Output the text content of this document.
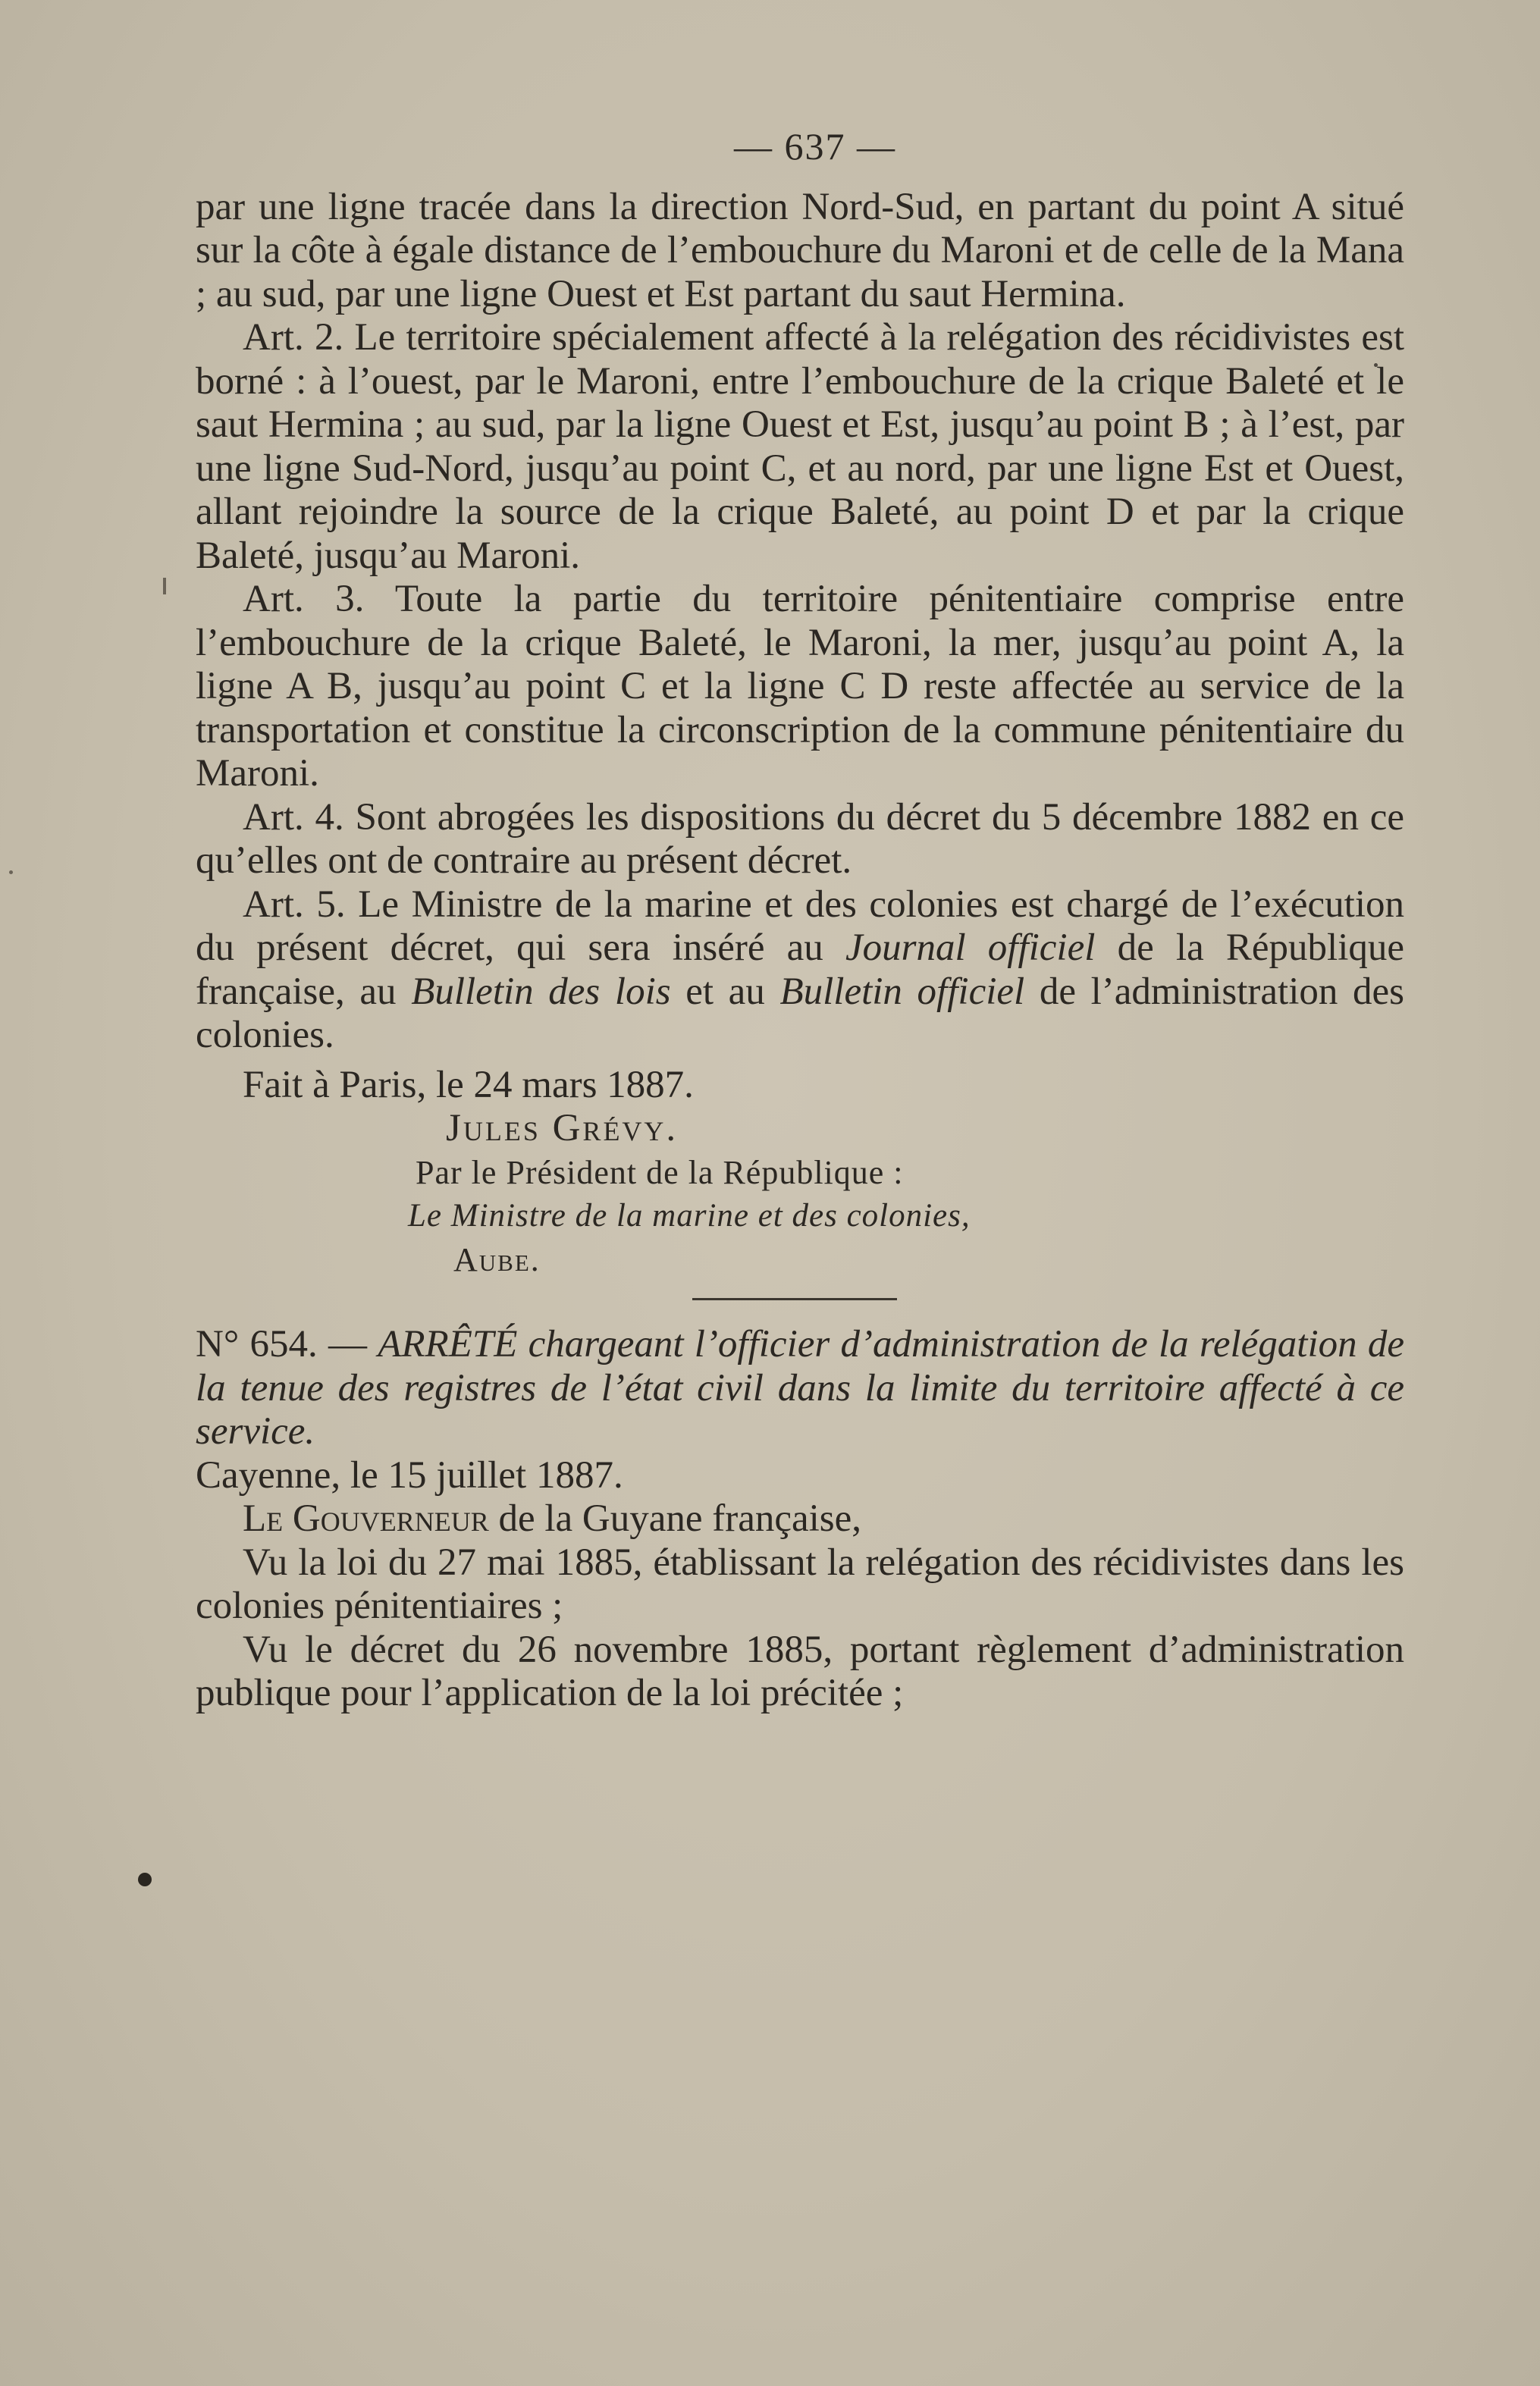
— 637 —

par une ligne tracée dans la direction Nord-Sud, en partant du point A situé sur la côte à égale distance de l’embouchure du Maroni et de celle de la Mana ; au sud, par une ligne Ouest et Est partant du saut Hermina.

Art. 2. Le territoire spécialement affecté à la relégation des récidivistes est borné : à l’ouest, par le Maroni, entre l’embouchure de la crique Baleté et le saut Hermina ; au sud, par la ligne Ouest et Est, jusqu’au point B ; à l’est, par une ligne Sud-Nord, jusqu’au point C, et au nord, par une ligne Est et Ouest, allant rejoindre la source de la crique Baleté, au point D et par la crique Baleté, jusqu’au Maroni.

Art. 3. Toute la partie du territoire pénitentiaire comprise entre l’embouchure de la crique Baleté, le Maroni, la mer, jusqu’au point A, la ligne A B, jusqu’au point C et la ligne C D reste affectée au service de la transportation et constitue la circonscription de la commune pénitentiaire du Maroni.

Art. 4. Sont abrogées les dispositions du décret du 5 décembre 1882 en ce qu’elles ont de contraire au présent décret.

Art. 5. Le Ministre de la marine et des colonies est chargé de l’exécution du présent décret, qui sera inséré au Journal officiel de la République française, au Bulletin des lois et au Bulletin officiel de l’administration des colonies.

Fait à Paris, le 24 mars 1887.

Jules Grévy.

Par le Président de la République :

Le Ministre de la marine et des colonies,

Aube.

N° 654. — ARRÊTÉ chargeant l’officier d’administration de la relégation de la tenue des registres de l’état civil dans la limite du territoire affecté à ce service.

Cayenne, le 15 juillet 1887.

Le Gouverneur de la Guyane française,

Vu la loi du 27 mai 1885, établissant la relégation des récidivistes dans les colonies pénitentiaires ;

Vu le décret du 26 novembre 1885, portant règlement d’administration publique pour l’application de la loi précitée ;
